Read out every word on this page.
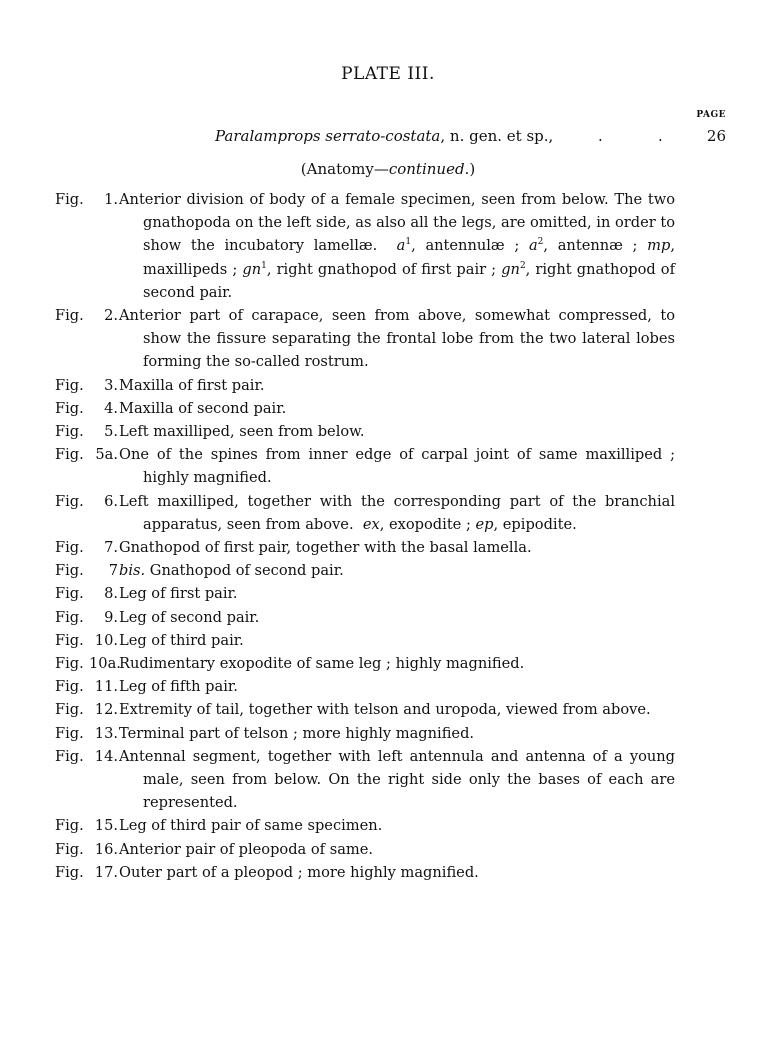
PLATE III.
PAGE
Paralamprops serrato-costata, n. gen. et sp.,	.	.	26
(Anatomy—continued.)
Fig. 1. Anterior division of body of a female specimen, seen from below. The two gnathopoda on the left side, as also all the legs, are omitted, in order to show the incubatory lamellæ. $a^1$, antennulæ ; $a^2$, antennæ ; mp, maxillipeds ; $gn^1$, right gnathopod of first pair ; $gn^2$, right gnathopod of second pair.
Fig. 2. Anterior part of carapace, seen from above, somewhat compressed, to show the fissure separating the frontal lobe from the two lateral lobes forming the so-called rostrum.
Fig. 3. Maxilla of first pair.
Fig. 4. Maxilla of second pair.
Fig. 5. Left maxilliped, seen from below.
Fig. 5a. One of the spines from inner edge of carpal joint of same maxilliped ; highly magnified.
Fig. 6. Left maxilliped, together with the corresponding part of the branchial apparatus, seen from above. ex, exopodite ; ep, epipodite.
Fig. 7. Gnathopod of first pair, together with the basal lamella.
Fig. 7 bis. Gnathopod of second pair.
Fig. 8. Leg of first pair.
Fig. 9. Leg of second pair.
Fig. 10. Leg of third pair.
Fig. 10a.
Rudimentary exopodite of same leg ; highly magnified.
Fig. 11. Leg of fifth pair.
Fig. 12. Extremity of tail, together with telson and uropoda, viewed from above.
Fig. 13. Terminal part of telson ; more highly magnified.
Fig. 14. Antennal segment, together with left antennula and antenna of a young male, seen from below. On the right side only the bases of each are represented.
Fig. 15. Leg of third pair of same specimen.
Fig. 16. Anterior pair of pleopoda of same.
Fig. 17. Outer part of a pleopod ; more highly magnified.
